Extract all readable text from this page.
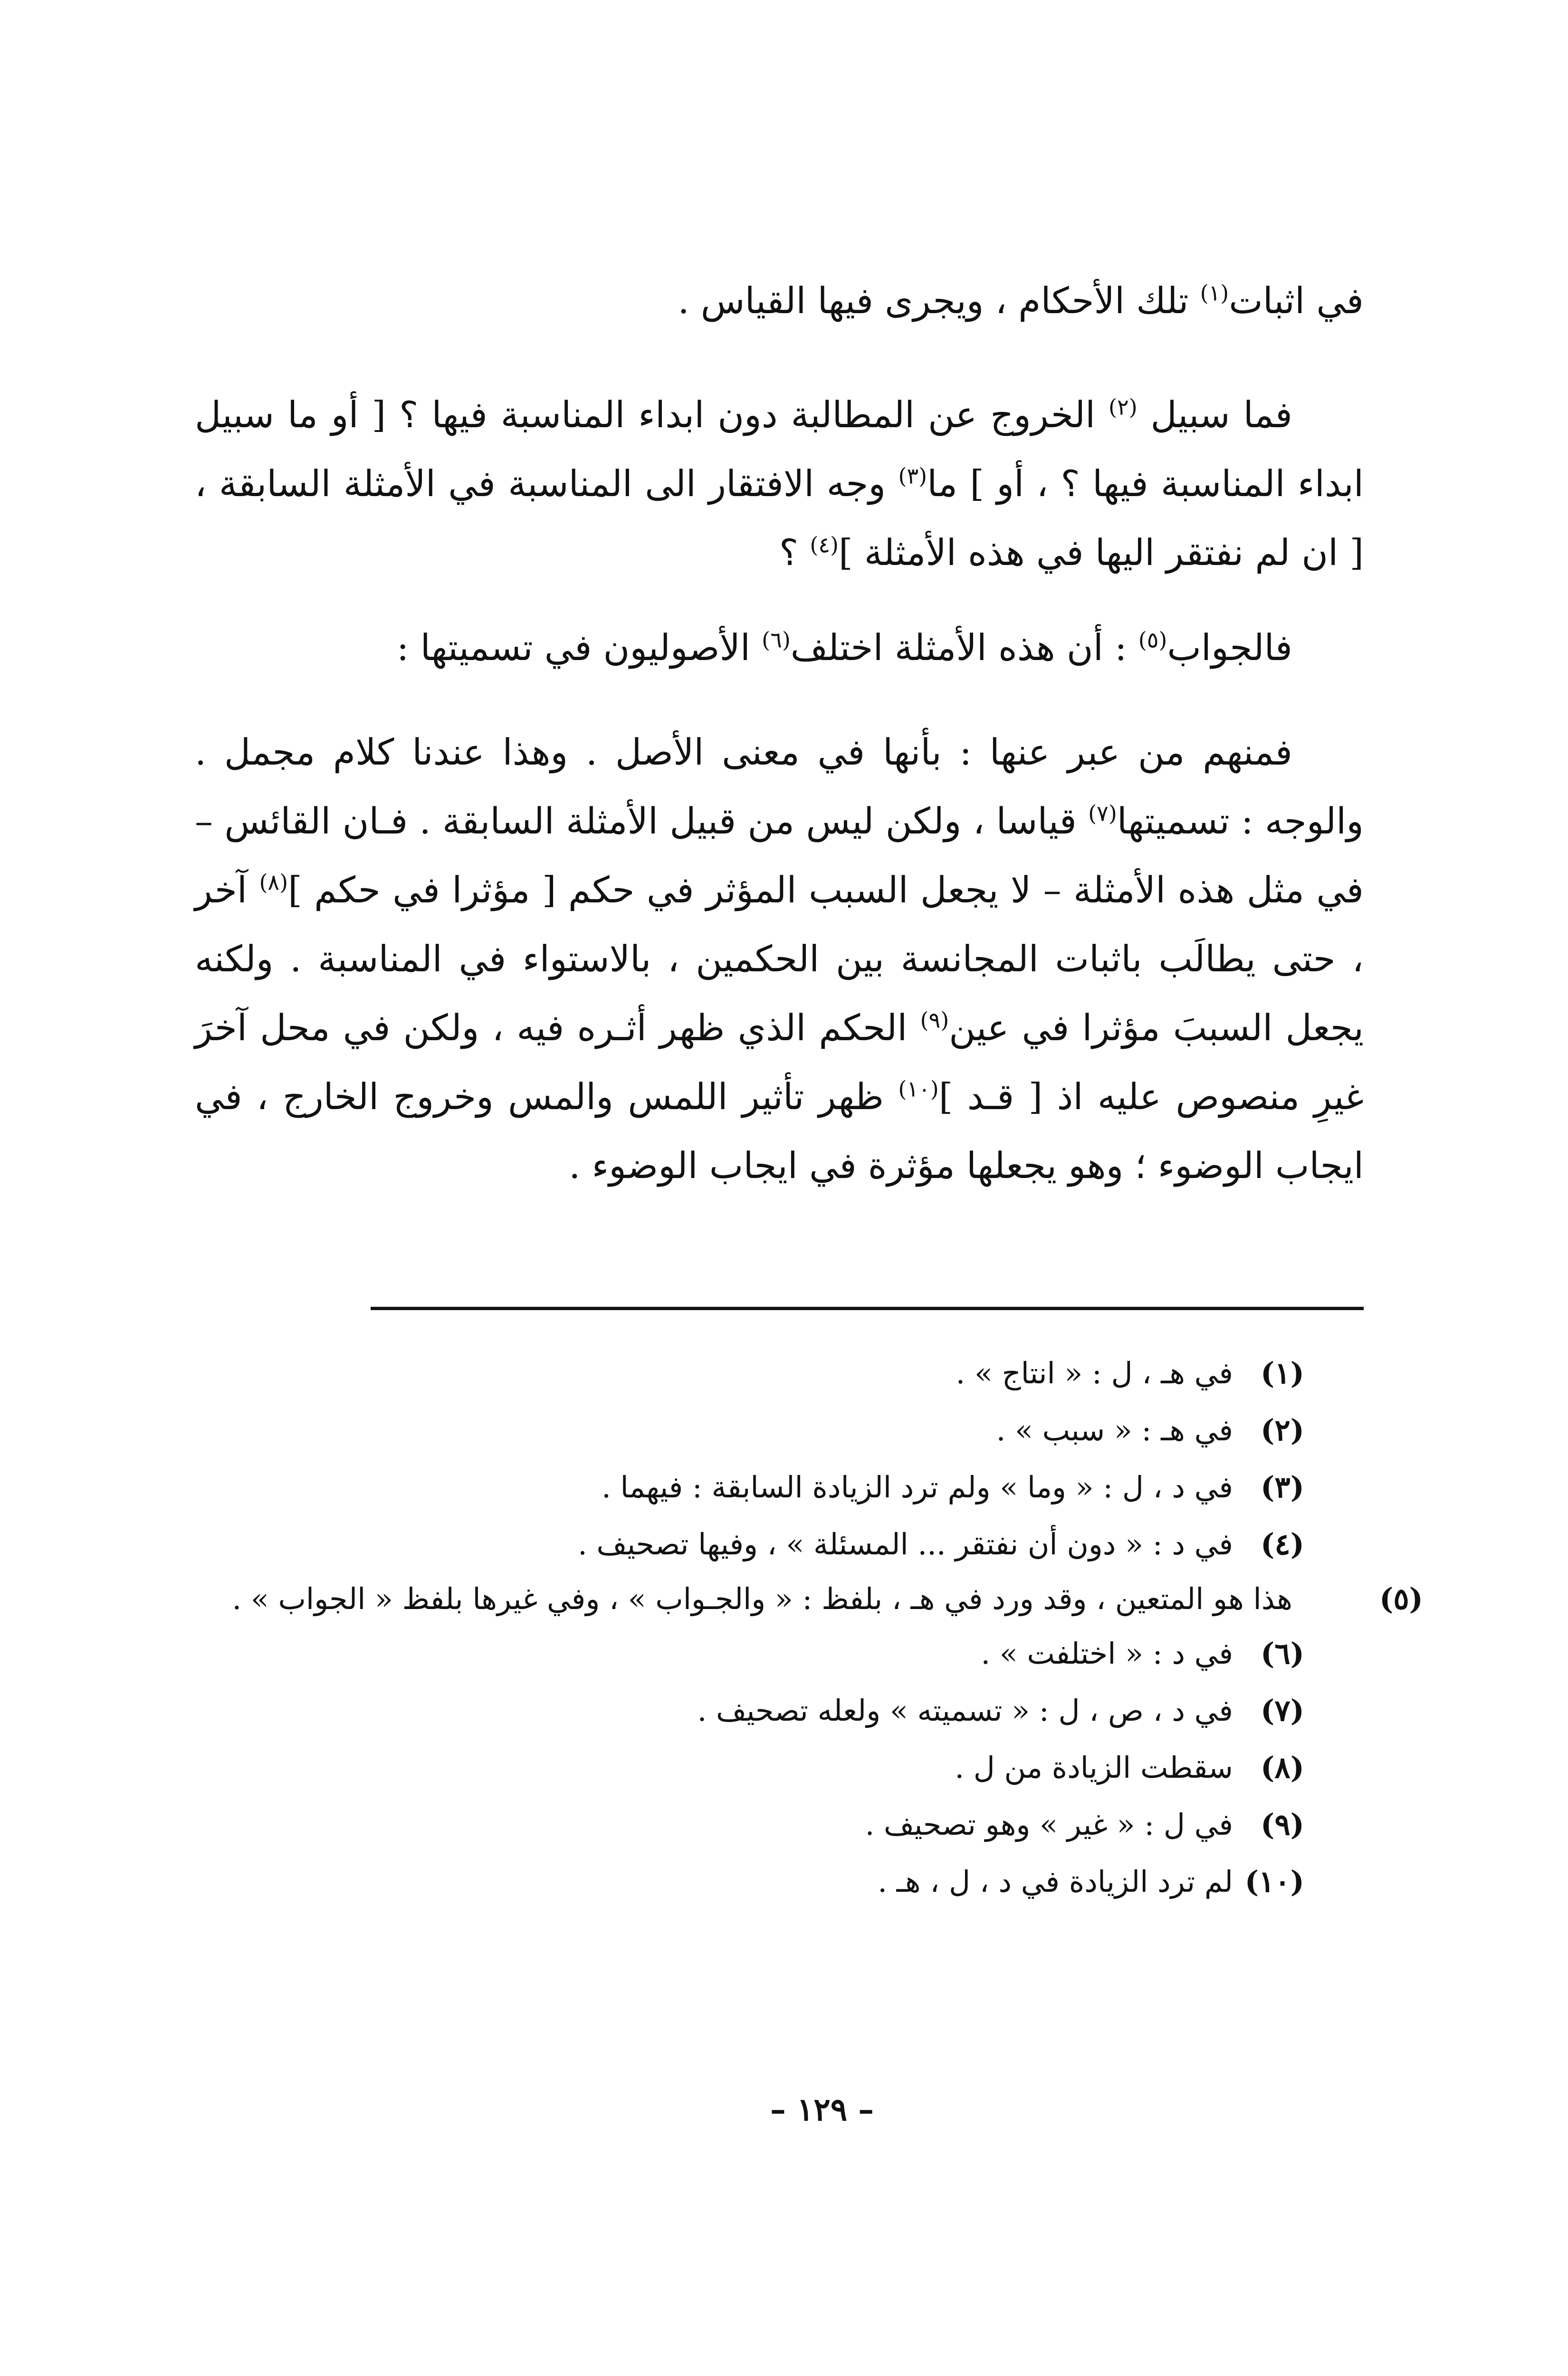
في اثبات$^{(١)}$ تلك الأحكام ، ويجرى فيها القياس .

فما سبيل $^{(٢)}$ الخروج عن المطالبة دون ابداء المناسبة فيها ؟ [ أو ما سبيل ابداء المناسبة فيها ؟ ، أو ] ما$^{(٣)}$ وجه الافتقار الى المناسبة في الأمثلة السابقة ، [ ان لم نفتقر اليها في هذه الأمثلة ]$^{(٤)}$ ؟

فالجواب$^{(٥)}$ : أن هذه الأمثلة اختلف$^{(٦)}$ الأصوليون في تسميتها :

فمنهم من عبر عنها : بأنها في معنى الأصل . وهذا عندنا كلام مجمل . والوجه : تسميتها$^{(٧)}$ قياسا ، ولكن ليس من قبيل الأمثلة السابقة . فـان القائس – في مثل هذه الأمثلة – لا يجعل السبب المؤثر في حكم [ مؤثرا في حكم ]$^{(٨)}$ آخر ، حتى يطالَب باثبات المجانسة بين الحكمين ، بالاستواء في المناسبة . ولكنه يجعل السببَ مؤثرا في عين$^{(٩)}$ الحكم الذي ظهر أثـره فيه ، ولكن في محل آخرَ غيرِ منصوص عليه اذ [ قـد ]$^{(١٠)}$ ظهر تأثير اللمس والمس وخروج الخارج ، في ايجاب الوضوء ؛ وهو يجعلها مؤثرة في ايجاب الوضوء .

(١)في هـ ، ل : « انتاج » .
(٢)في هـ : « سبب » .
(٣)في د ، ل : « وما » ولم ترد الزيادة السابقة : فيهما .
(٤)في د : « دون أن نفتقر ... المسئلة » ، وفيها تصحيف .
(٥)هذا هو المتعين ، وقد ورد في هـ ، بلفظ : « والجـواب » ، وفي غيرها بلفظ « الجواب » .
(٦)في د : « اختلفت » .
(٧)في د ، ص ، ل : « تسميته » ولعله تصحيف .
(٨)سقطت الزيادة من ل .
(٩)في ل : « غير » وهو تصحيف .
(١٠)لم ترد الزيادة في د ، ل ، هـ .
– ١٢٩ –
